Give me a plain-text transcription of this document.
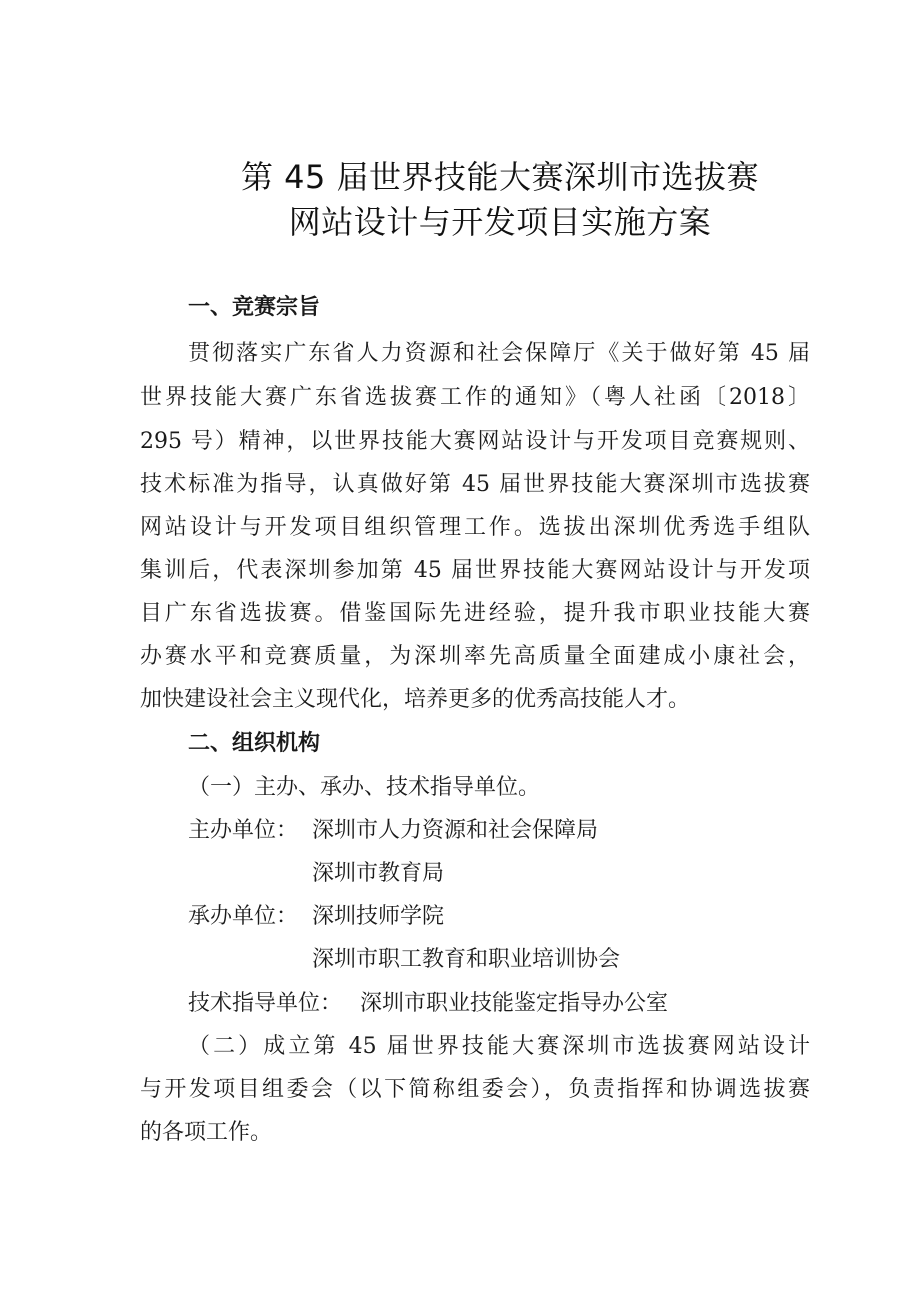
第 45 届世界技能大赛深圳市选拔赛
网站设计与开发项目实施方案
一、竞赛宗旨
贯彻落实广东省人力资源和社会保障厅《关于做好第 45 届
世界技能大赛广东省选拔赛工作的通知》（粤人社函〔2018〕
295 号）精神，以世界技能大赛网站设计与开发项目竞赛规则、
技术标准为指导，认真做好第 45 届世界技能大赛深圳市选拔赛
网站设计与开发项目组织管理工作。选拔出深圳优秀选手组队
集训后，代表深圳参加第 45 届世界技能大赛网站设计与开发项
目广东省选拔赛。借鉴国际先进经验，提升我市职业技能大赛
办赛水平和竞赛质量，为深圳率先高质量全面建成小康社会，
加快建设社会主义现代化，培养更多的优秀高技能人才。
二、组织机构
（一）主办、承办、技术指导单位。
主办单位： 深圳市人力资源和社会保障局
深圳市教育局
承办单位： 深圳技师学院
深圳市职工教育和职业培训协会
技术指导单位： 深圳市职业技能鉴定指导办公室
（二）成立第 45 届世界技能大赛深圳市选拔赛网站设计
与开发项目组委会（以下简称组委会），负责指挥和协调选拔赛
的各项工作。
